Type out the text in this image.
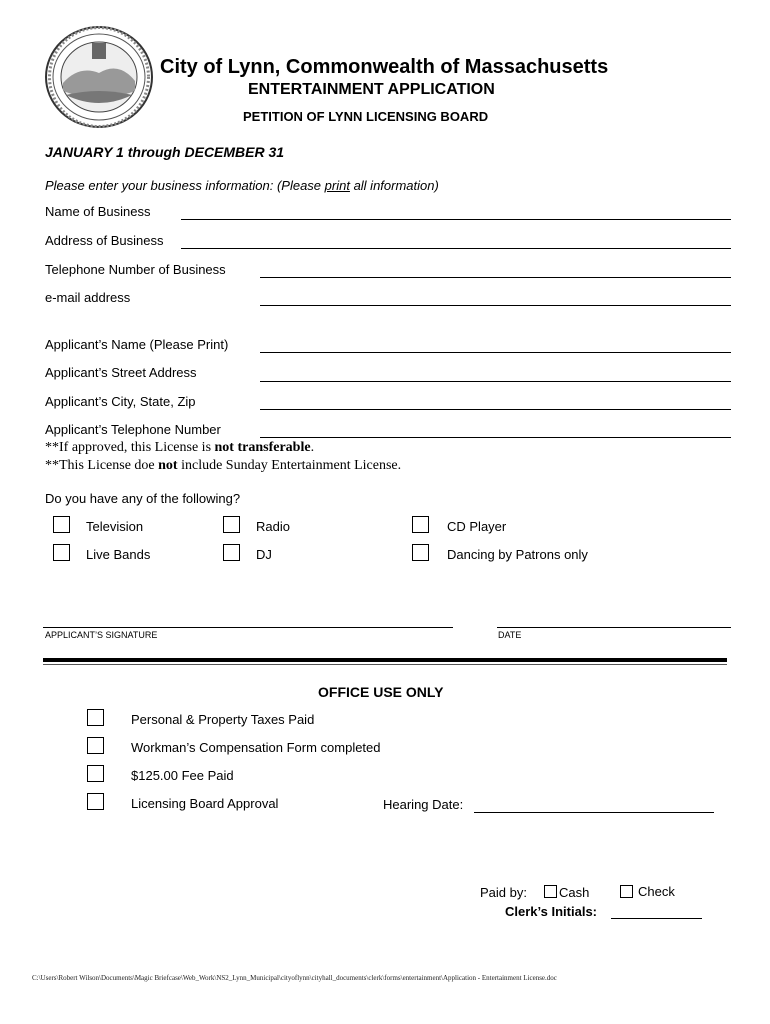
City of Lynn, Commonwealth of Massachusetts
ENTERTAINMENT APPLICATION
PETITION OF LYNN LICENSING BOARD
JANUARY 1 through DECEMBER 31
Please enter your business information: (Please print all information)
Name of Business
Address of Business
Telephone Number of Business
e-mail address
Applicant’s Name (Please Print)
Applicant’s Street Address
Applicant’s City, State, Zip
Applicant’s Telephone Number
**If approved, this License is not transferable.
**This License doe not include Sunday Entertainment License.
Do you have any of the following?
Television	Radio	CD Player
Live Bands	DJ	Dancing by Patrons only
APPLICANT’S SIGNATURE	DATE
OFFICE USE ONLY
Personal & Property Taxes Paid
Workman’s Compensation Form completed
$125.00 Fee Paid
Licensing Board Approval	Hearing Date:
Paid by: Cash	Check
Clerk’s Initials:
C:\Users\Robert Wilson\Documents\Magic Briefcase\Web_Work\NS2_Lynn_Municipal\cityoflynn\cityhall_documents\clerk\forms\entertainment\Application - Entertainment License.doc
